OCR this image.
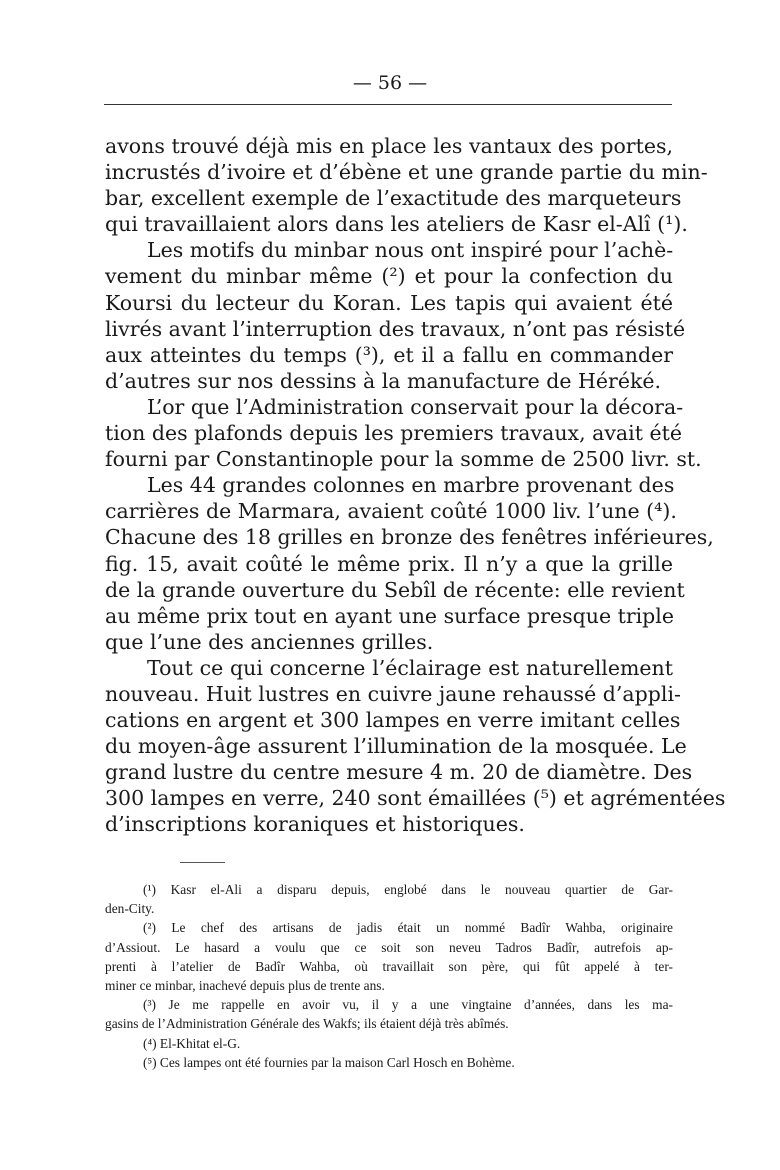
— 56 —
avons trouvé déjà mis en place les vantaux des portes,
incrustés d’ivoire et d’ébène et une grande partie du min-
bar, excellent exemple de l’exactitude des marqueteurs
qui travaillaient alors dans les ateliers de Kasr el-Alî (¹).
Les motifs du minbar nous ont inspiré pour l’achè-
vement du minbar même (²) et pour la confection du
Koursi du lecteur du Koran. Les tapis qui avaient été
livrés avant l’interruption des travaux, n’ont pas résisté
aux atteintes du temps (³), et il a fallu en commander
d’autres sur nos dessins à la manufacture de Héréké.
L’or que l’Administration conservait pour la décora-
tion des plafonds depuis les premiers travaux, avait été
fourni par Constantinople pour la somme de 2500 livr. st.
Les 44 grandes colonnes en marbre provenant des
carrières de Marmara, avaient coûté 1000 liv. l’une (⁴).
Chacune des 18 grilles en bronze des fenêtres inférieures,
fig. 15, avait coûté le même prix. Il n’y a que la grille
de la grande ouverture du Sebîl de récente: elle revient
au même prix tout en ayant une surface presque triple
que l’une des anciennes grilles.
Tout ce qui concerne l’éclairage est naturellement
nouveau. Huit lustres en cuivre jaune rehaussé d’appli-
cations en argent et 300 lampes en verre imitant celles
du moyen-âge assurent l’illumination de la mosquée. Le
grand lustre du centre mesure 4 m. 20 de diamètre. Des
300 lampes en verre, 240 sont émaillées (⁵) et agrémentées
d’inscriptions koraniques et historiques.
(¹) Kasr el-Ali a disparu depuis, englobé dans le nouveau quartier de Gar-
den-City.
(²) Le chef des artisans de jadis était un nommé Badîr Wahba, originaire
d’Assiout. Le hasard a voulu que ce soit son neveu Tadros Badîr, autrefois ap-
prenti à l’atelier de Badîr Wahba, où travaillait son père, qui fût appelé à ter-
miner ce minbar, inachevé depuis plus de trente ans.
(³) Je me rappelle en avoir vu, il y a une vingtaine d’années, dans les ma-
gasins de l’Administration Générale des Wakfs; ils étaient déjà très abîmés.
(⁴) El-Khitat el-G.
(⁵) Ces lampes ont été fournies par la maison Carl Hosch en Bohème.
